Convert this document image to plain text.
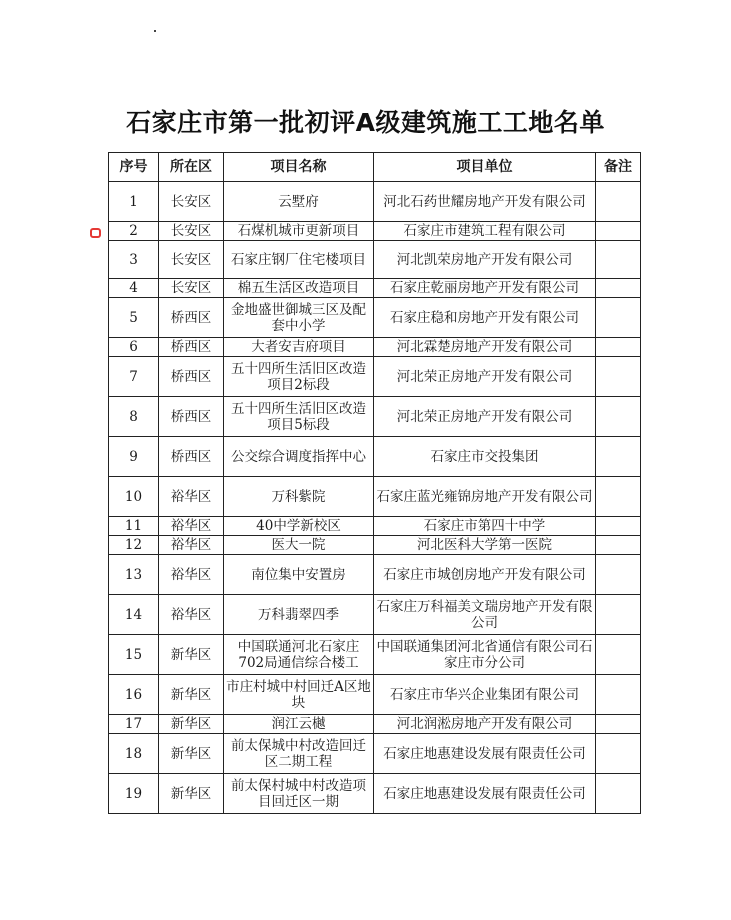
石家庄市第一批初评A级建筑施工工地名单
序号	所在区	项目名称	项目单位	备注
1	长安区	云墅府	河北石药世耀房地产开发有限公司	
2	长安区	石煤机城市更新项目	石家庄市建筑工程有限公司	
3	长安区	石家庄钢厂住宅楼项目	河北凯荣房地产开发有限公司	
4	长安区	棉五生活区改造项目	石家庄乾丽房地产开发有限公司	
5	桥西区	金地盛世御城三区及配套中小学	石家庄稳和房地产开发有限公司	
6	桥西区	大者安吉府项目	河北霖楚房地产开发有限公司	
7	桥西区	五十四所生活旧区改造项目2标段	河北荣正房地产开发有限公司	
8	桥西区	五十四所生活旧区改造项目5标段	河北荣正房地产开发有限公司	
9	桥西区	公交综合调度指挥中心	石家庄市交投集团	
10	裕华区	万科紫院	石家庄蓝光雍锦房地产开发有限公司	
11	裕华区	40中学新校区	石家庄市第四十中学	
12	裕华区	医大一院	河北医科大学第一医院	
13	裕华区	南位集中安置房	石家庄市城创房地产开发有限公司	
14	裕华区	万科翡翠四季	石家庄万科福美文瑞房地产开发有限公司	
15	新华区	中国联通河北石家庄702局通信综合楼工	中国联通集团河北省通信有限公司石家庄市分公司	
16	新华区	市庄村城中村回迁A区地块	石家庄市华兴企业集团有限公司	
17	新华区	润江云樾	河北润淞房地产开发有限公司	
18	新华区	前太保城中村改造回迁区二期工程	石家庄地惠建设发展有限责任公司	
19	新华区	前太保村城中村改造项目回迁区一期	石家庄地惠建设发展有限责任公司	
